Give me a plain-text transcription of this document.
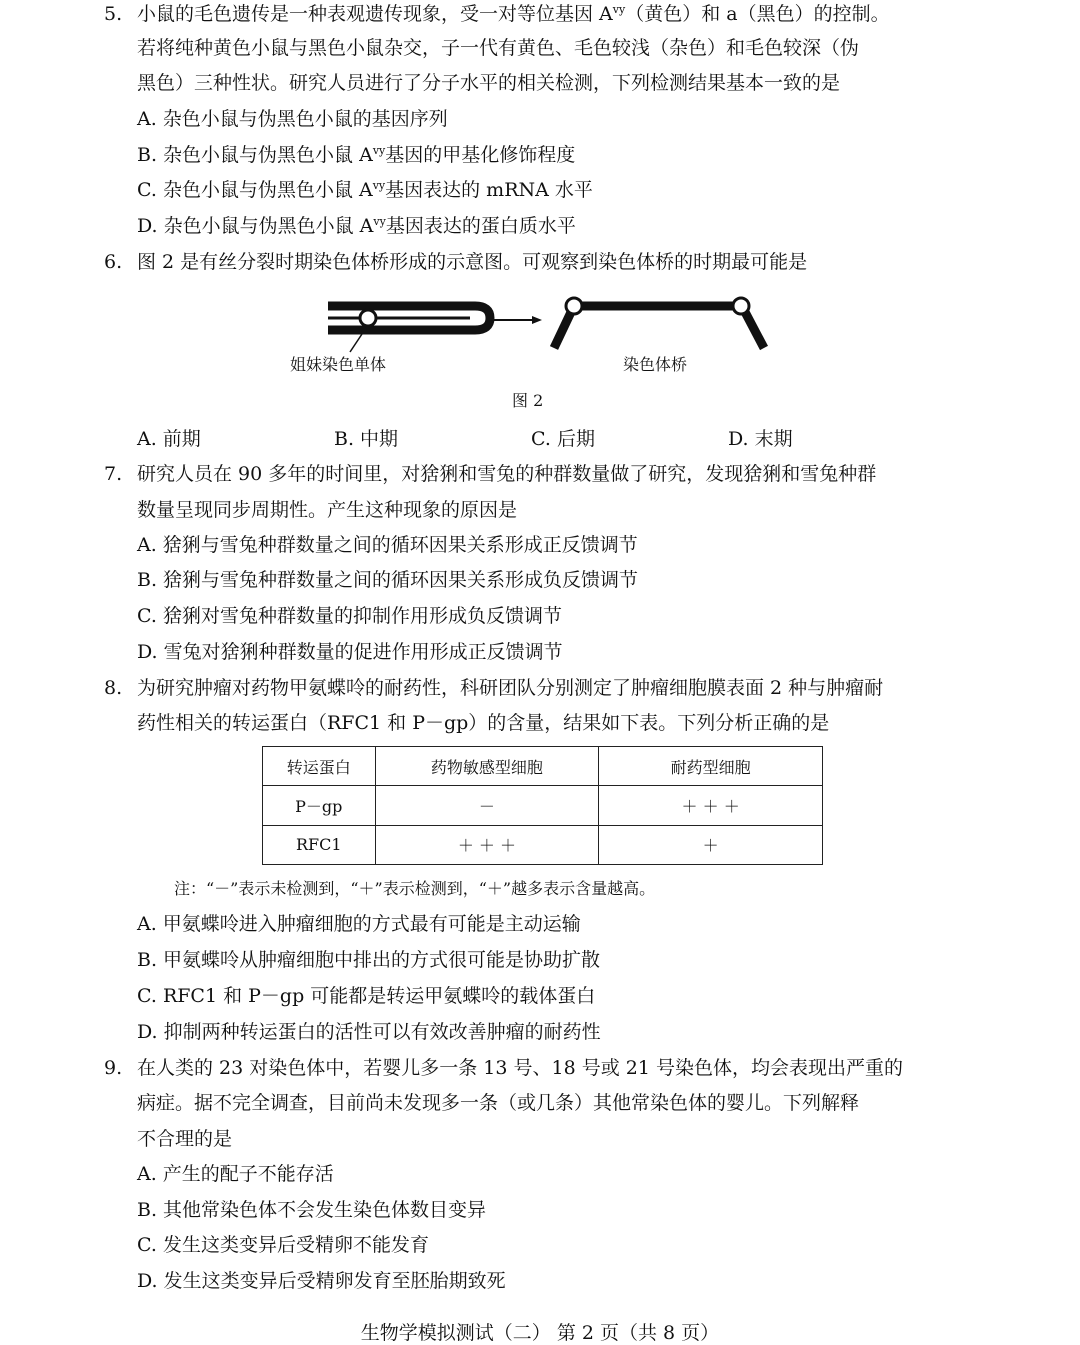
5. 小鼠的毛色遗传是一种表观遗传现象，受一对等位基因 $A^{vy}$（黄色）和 a（黑色）的控制。
若将纯种黄色小鼠与黑色小鼠杂交，子一代有黄色、毛色较浅（杂色）和毛色较深（伪
黑色）三种性状。研究人员进行了分子水平的相关检测，下列检测结果基本一致的是
A. 杂色小鼠与伪黑色小鼠的基因序列
B. 杂色小鼠与伪黑色小鼠 $A^{vy}$基因的甲基化修饰程度
C. 杂色小鼠与伪黑色小鼠 $A^{vy}$基因表达的 mRNA 水平
D. 杂色小鼠与伪黑色小鼠 $A^{vy}$基因表达的蛋白质水平
6. 图 2 是有丝分裂时期染色体桥形成的示意图。可观察到染色体桥的时期最可能是
姐妹染色单体	染色体桥
图 2
A. 前期	B. 中期	C. 后期	D. 末期
7. 研究人员在 90 多年的时间里，对猞猁和雪兔的种群数量做了研究，发现猞猁和雪兔种群
数量呈现同步周期性。产生这种现象的原因是
A. 猞猁与雪兔种群数量之间的循环因果关系形成正反馈调节
B. 猞猁与雪兔种群数量之间的循环因果关系形成负反馈调节
C. 猞猁对雪兔种群数量的抑制作用形成负反馈调节
D. 雪兔对猞猁种群数量的促进作用形成正反馈调节
8. 为研究肿瘤对药物甲氨蝶呤的耐药性，科研团队分别测定了肿瘤细胞膜表面 2 种与肿瘤耐
药性相关的转运蛋白（RFC1 和 P－gp）的含量，结果如下表。下列分析正确的是
转运蛋白	药物敏感型细胞	耐药型细胞
P－gp	－	＋ ＋ ＋
RFC1	＋ ＋ ＋	＋
注：“－”表示未检测到，“＋”表示检测到，“＋”越多表示含量越高。
A. 甲氨蝶呤进入肿瘤细胞的方式最有可能是主动运输
B. 甲氨蝶呤从肿瘤细胞中排出的方式很可能是协助扩散
C. RFC1 和 P－gp 可能都是转运甲氨蝶呤的载体蛋白
D. 抑制两种转运蛋白的活性可以有效改善肿瘤的耐药性
9. 在人类的 23 对染色体中，若婴儿多一条 13 号、18 号或 21 号染色体，均会表现出严重的
病症。据不完全调查，目前尚未发现多一条（或几条）其他常染色体的婴儿。下列解释
不合理的是
A. 产生的配子不能存活
B. 其他常染色体不会发生染色体数目变异
C. 发生这类变异后受精卵不能发育
D. 发生这类变异后受精卵发育至胚胎期致死
生物学模拟测试（二） 第 2 页（共 8 页）
